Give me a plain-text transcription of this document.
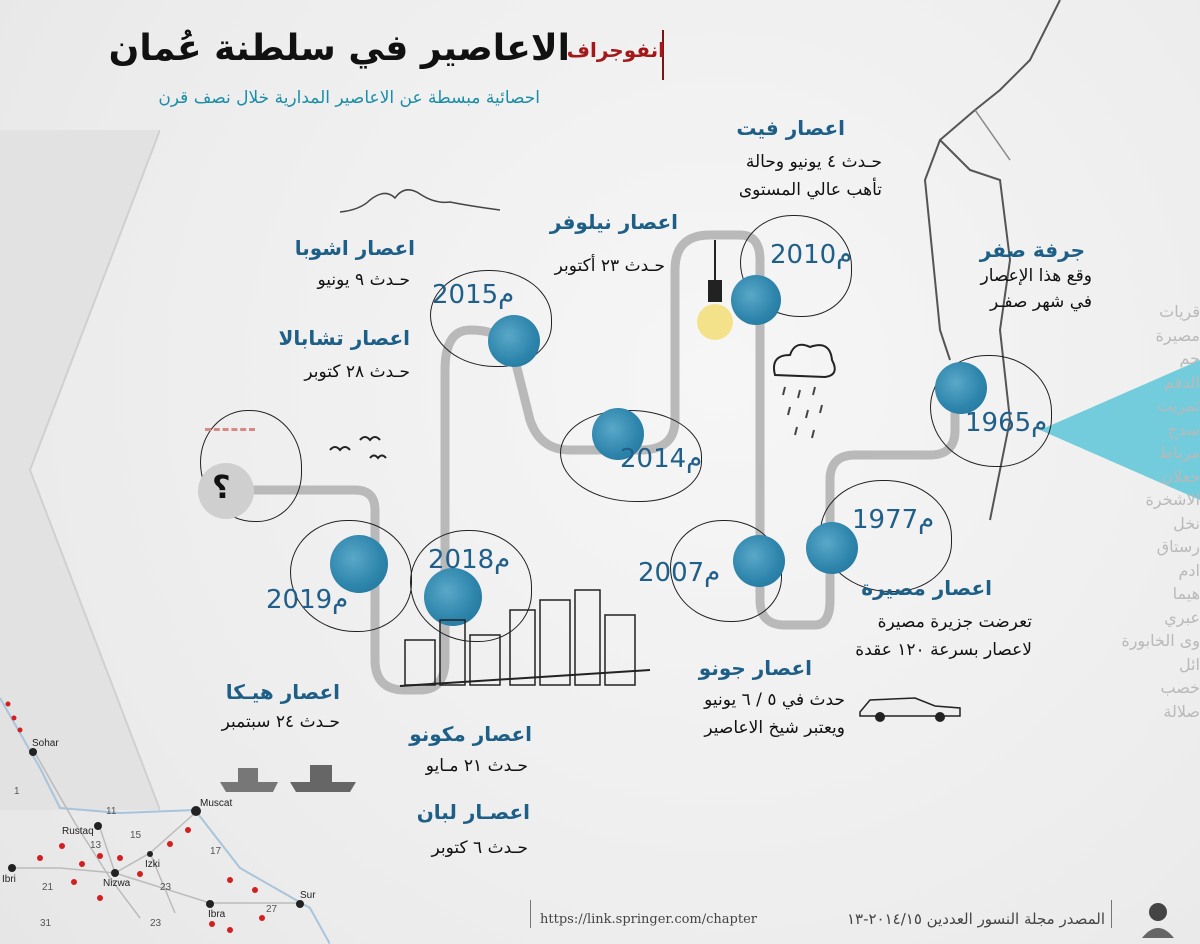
الاعاصير في سلطنة عُمان
انفوجراف
احصائية مبسطة عن الاعاصير المدارية خلال نصف قرن
؟
2010م
2015م
2014م
1965م
1977م
2007م
2018م
2019م
اعصار فيت
حـدث ٤ يونيو وحالة
تأهب عالي المستوى
اعصار نيلوفر
حـدث ٢٣ أكتوبر
اعصار اشوبا
حـدث ٩ يونيو
اعصار تشابالا
حـدث ٢٨ كتوبر
جرفة صفر
وقع هذا الإعصار
في شهر صفـر
اعصار مصيرة
تعرضت جزيرة مصيرة
لاعصار بسرعة ١٢٠ عقدة
اعصار جونو
حدث في ٥ / ٦ يونيو
ويعتبر شيخ الاعاصير
اعصار هيـكا
حـدث ٢٤ سبتمبر	اعصار مكونو
حـدث ٢١ مـايو
اعصـار لبان
حـدث ٦ كتوبر
قريات
مصيرة
جم
الدقم
ثمريت
سدح
مرباط
جعلان
الاشخرة
نخل
رستاق
ادم
هيما
عبري
وى الخابورة
ائل
خصب
صلالة
Sohar
Muscat
Rustaq
Ibri	Nizwa
Izki
Ibra
Sur
1
11
13
15
17
21	23
31	23
27
https://link.springer.com/chapter	المصدر مجلة النسور العددين ٢٠١٤/١٥-١٣
